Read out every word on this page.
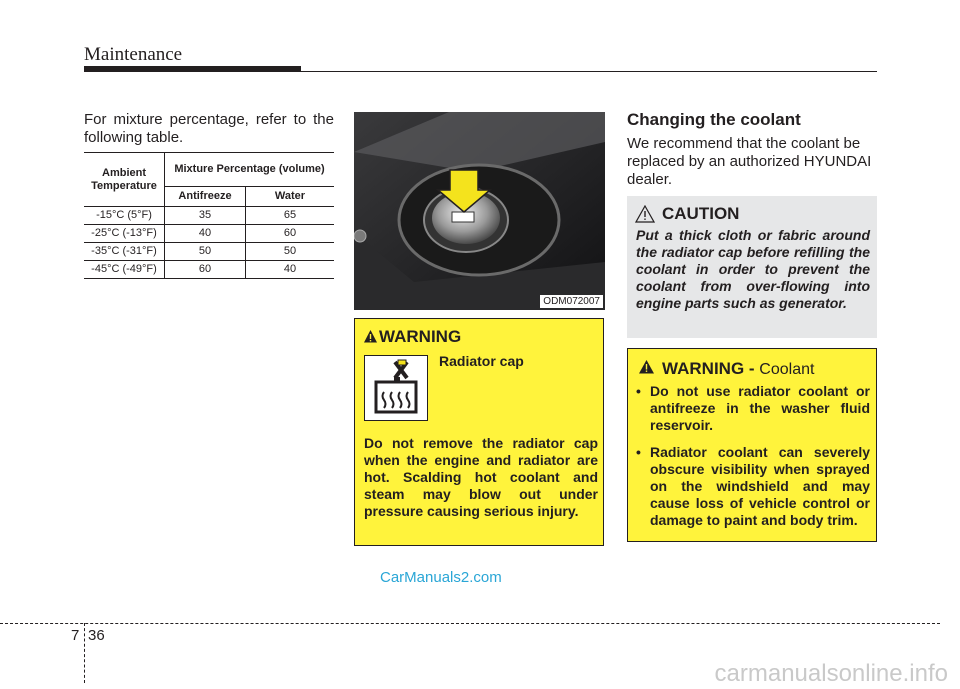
Maintenance
For mixture percentage, refer to the following table.
Ambient Temperature	Mixture Percentage (volume)	
	Antifreeze	Water
-15°C (5°F)	35	65
-25°C (-13°F)	40	60
-35°C (-31°F)	50	50
-45°C (-49°F)	60	40
ODM072007
WARNING
Radiator cap
Do not remove the radiator cap when the engine and radiator are hot. Scalding hot coolant and steam may blow out under pressure causing serious injury.
Changing the coolant
We recommend that the coolant be replaced by an authorized HYUNDAI dealer.
CAUTION
Put a thick cloth or fabric around the radiator cap before refilling the coolant in order to prevent the coolant from over-flowing into engine parts such as generator.
WARNING - Coolant
• Do not use radiator coolant or antifreeze in the washer fluid reservoir.
• Radiator coolant can severely obscure visibility when sprayed on the windshield and may cause loss of vehicle control or damage to paint and body trim.
CarManuals2.com
carmanualsonline.info
7 36
